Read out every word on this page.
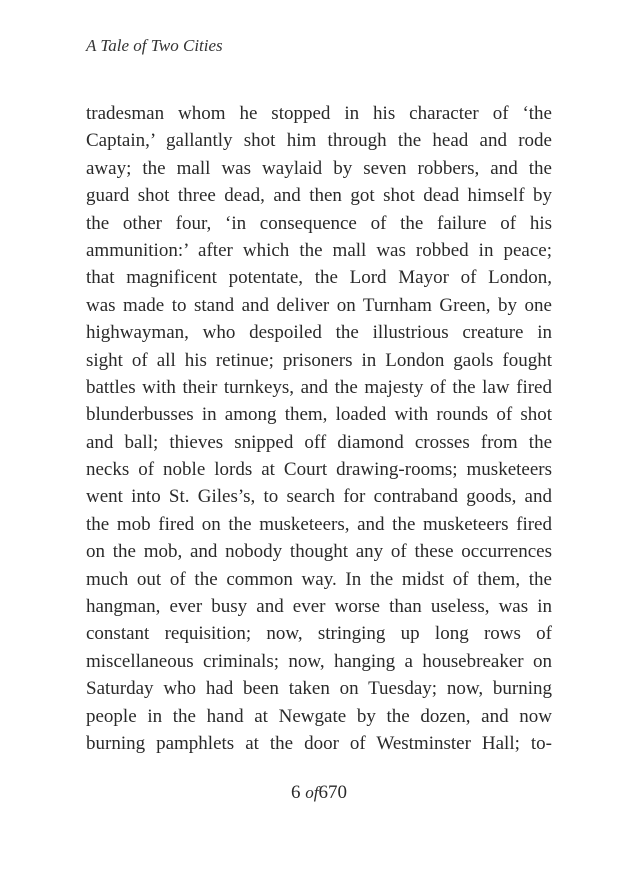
A Tale of Two Cities
tradesman whom he stopped in his character of ‘the
Captain,’ gallantly shot him through the head and rode
away; the mall was waylaid by seven robbers, and the
guard shot three dead, and then got shot dead himself by
the other four, ‘in consequence of the failure of his
ammunition:’ after which the mall was robbed in peace;
that magnificent potentate, the Lord Mayor of London,
was made to stand and deliver on Turnham Green, by one
highwayman, who despoiled the illustrious creature in
sight of all his retinue; prisoners in London gaols fought
battles with their turnkeys, and the majesty of the law fired
blunderbusses in among them, loaded with rounds of shot
and ball; thieves snipped off diamond crosses from the
necks of noble lords at Court drawing-rooms; musketeers
went into St. Giles’s, to search for contraband goods, and
the mob fired on the musketeers, and the musketeers fired
on the mob, and nobody thought any of these occurrences
much out of the common way. In the midst of them, the
hangman, ever busy and ever worse than useless, was in
constant requisition; now, stringing up long rows of
miscellaneous criminals; now, hanging a housebreaker on
Saturday who had been taken on Tuesday; now, burning
people in the hand at Newgate by the dozen, and now
burning pamphlets at the door of Westminster Hall; to-
6 of670
